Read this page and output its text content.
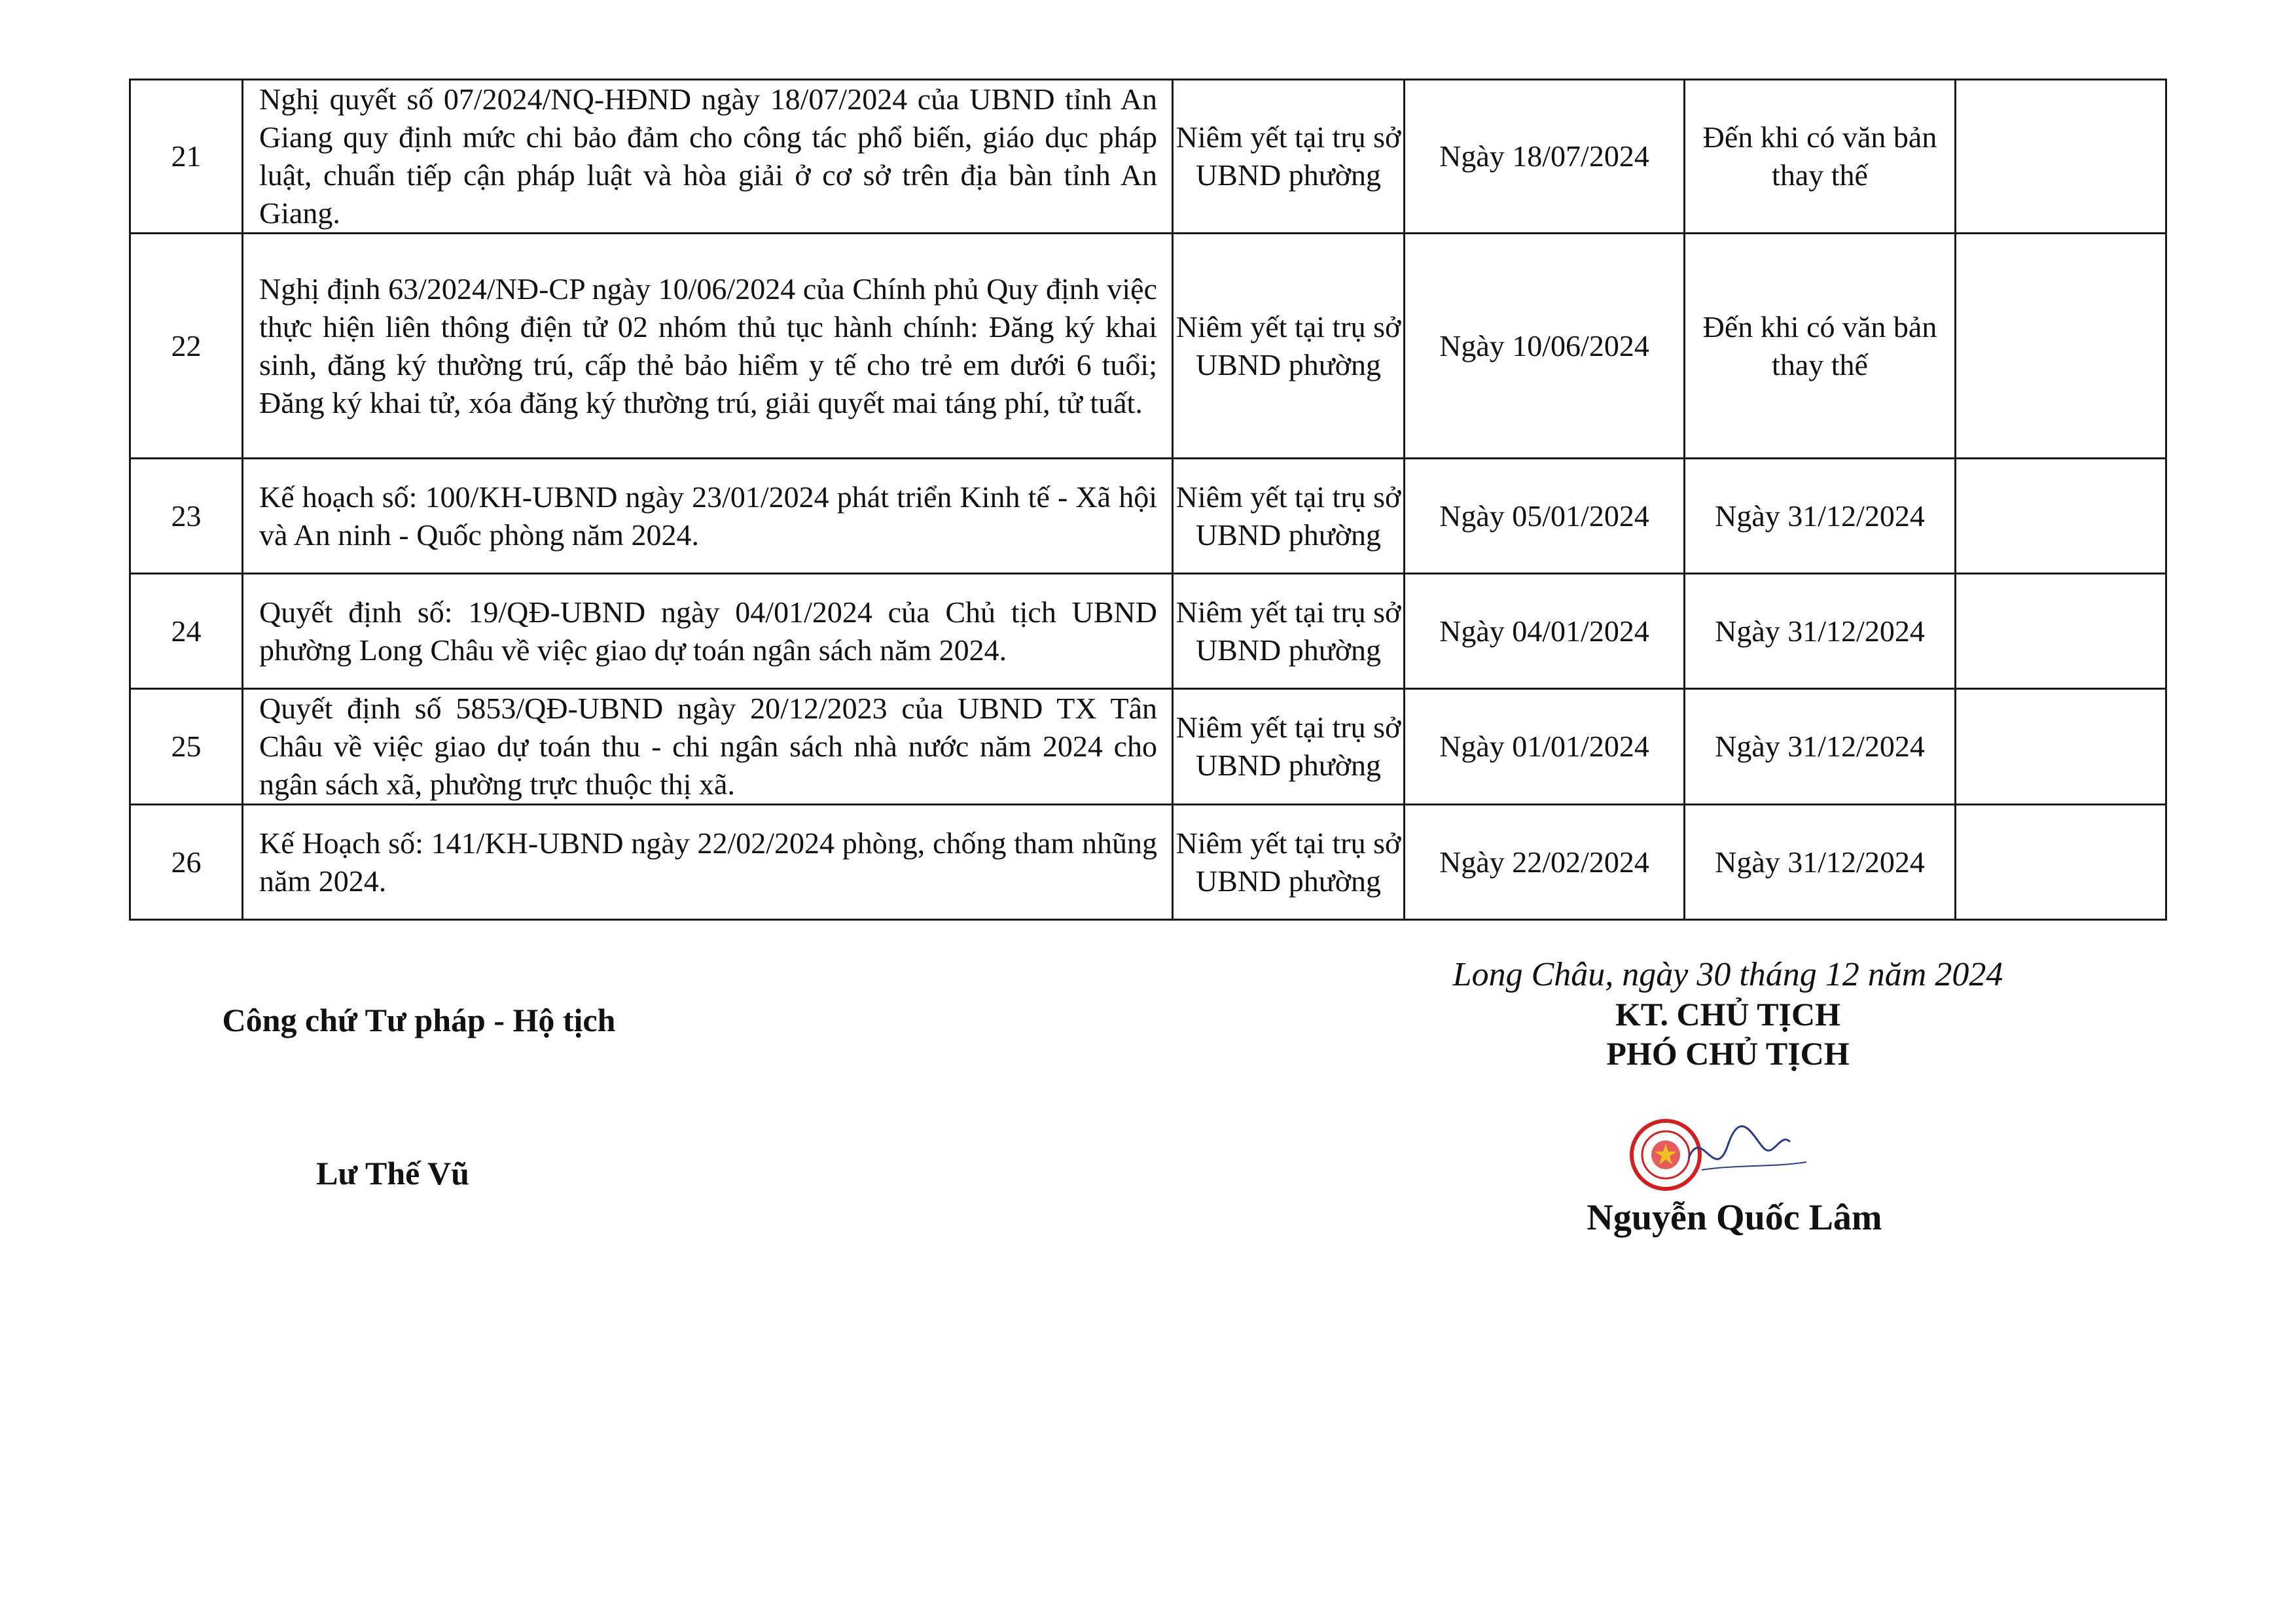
21	Nghị quyết số 07/2024/NQ-HĐND ngày 18/07/2024 của UBND tỉnh An Giang quy định mức chi bảo đảm cho công tác phổ biến, giáo dục pháp luật, chuẩn tiếp cận pháp luật và hòa giải ở cơ sở trên địa bàn tỉnh An Giang.	Niêm yết tại trụ sở UBND phường	Ngày 18/07/2024	Đến khi có văn bản thay thế	
22	Nghị định 63/2024/NĐ-CP ngày 10/06/2024 của Chính phủ Quy định việc thực hiện liên thông điện tử 02 nhóm thủ tục hành chính: Đăng ký khai sinh, đăng ký thường trú, cấp thẻ bảo hiểm y tế cho trẻ em dưới 6 tuổi; Đăng ký khai tử, xóa đăng ký thường trú, giải quyết mai táng phí, tử tuất.	Niêm yết tại trụ sở UBND phường	Ngày 10/06/2024	Đến khi có văn bản thay thế	
23	Kế hoạch số: 100/KH-UBND ngày 23/01/2024 phát triển Kinh tế - Xã hội và An ninh - Quốc phòng năm 2024.	Niêm yết tại trụ sở UBND phường	Ngày 05/01/2024	Ngày 31/12/2024	
24	Quyết định số: 19/QĐ-UBND ngày 04/01/2024 của Chủ tịch UBND phường Long Châu về việc giao dự toán ngân sách năm 2024.	Niêm yết tại trụ sở UBND phường	Ngày 04/01/2024	Ngày 31/12/2024	
25	Quyết định số 5853/QĐ-UBND ngày 20/12/2023 của UBND TX Tân Châu về việc giao dự toán thu - chi ngân sách nhà nước năm 2024 cho ngân sách xã, phường trực thuộc thị xã.	Niêm yết tại trụ sở UBND phường	Ngày 01/01/2024	Ngày 31/12/2024	
26	Kế Hoạch số: 141/KH-UBND ngày 22/02/2024 phòng, chống tham nhũng năm 2024.	Niêm yết tại trụ sở UBND phường	Ngày 22/02/2024	Ngày 31/12/2024	
Công chứ Tư pháp - Hộ tịch
Lư Thế Vũ
Long Châu, ngày 30 tháng 12 năm 2024
KT. CHỦ TỊCH
PHÓ CHỦ TỊCH
Nguyễn Quốc Lâm
